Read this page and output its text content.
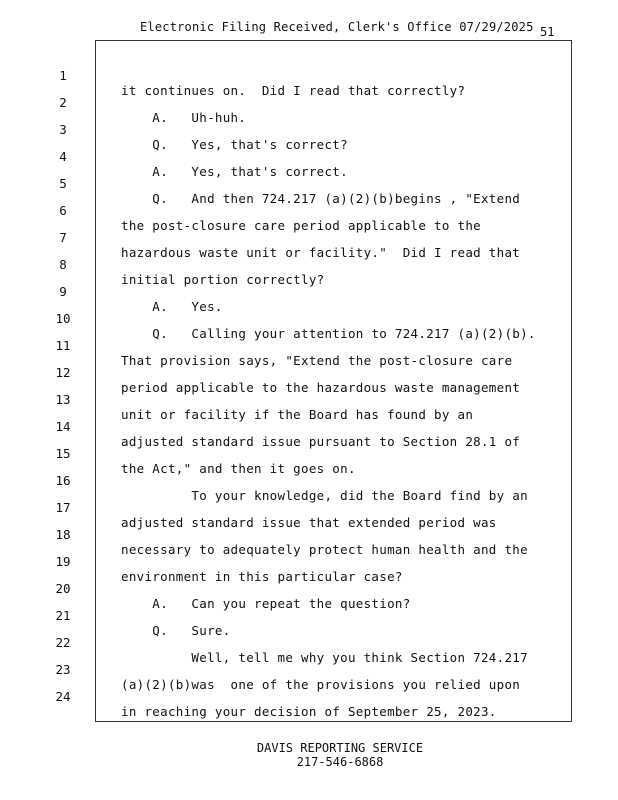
Electronic Filing Received, Clerk's Office 07/29/2025 51

1

it continues on.  Did I read that correctly?

2

A.   Uh-huh.

3

Q.   Yes, that's correct?

4

A.   Yes, that's correct.

5

Q.   And then 724.217 (a)(2)(b)begins , "Extend

6

the post-closure care period applicable to the

7

hazardous waste unit or facility."  Did I read that

8

initial portion correctly?

9

A.   Yes.

10

Q.   Calling your attention to 724.217 (a)(2)(b).

11

That provision says, "Extend the post-closure care

12

period applicable to the hazardous waste management

13

unit or facility if the Board has found by an

14

adjusted standard issue pursuant to Section 28.1 of

15

the Act," and then it goes on.

16

To your knowledge, did the Board find by an

17

adjusted standard issue that extended period was

18

necessary to adequately protect human health and the

19

environment in this particular case?

20

A.   Can you repeat the question?

21

Q.   Sure.

22

Well, tell me why you think Section 724.217

23

(a)(2)(b)was  one of the provisions you relied upon

24

in reaching your decision of September 25, 2023.

DAVIS REPORTING SERVICE
217-546-6868
